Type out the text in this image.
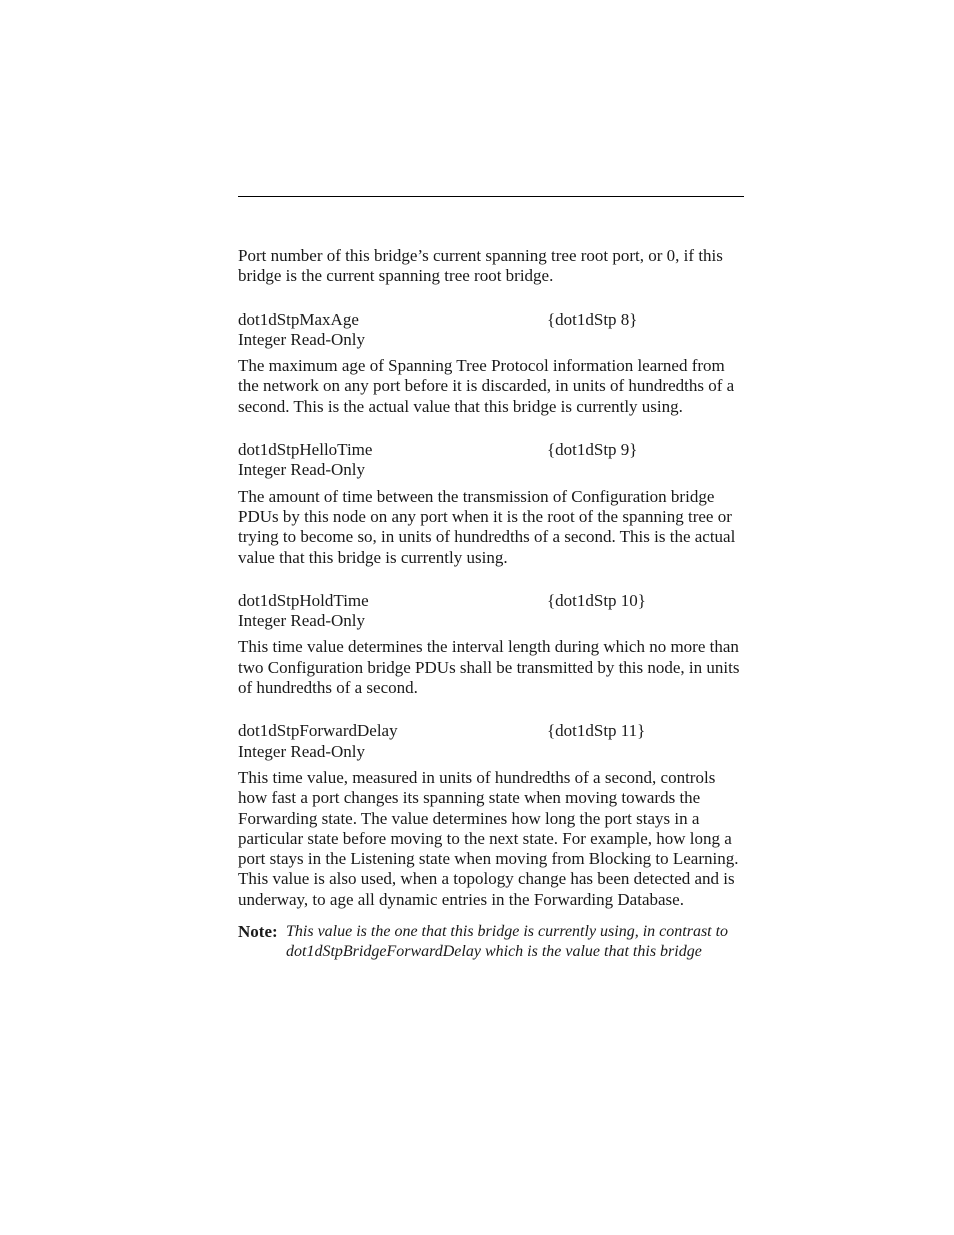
Port number of this bridge’s current spanning tree root port, or 0, if this bridge is the current spanning tree root bridge.

dot1dStpMaxAge	{dot1dStp 8}
Integer Read-Only

The maximum age of Spanning Tree Protocol information learned from the network on any port before it is discarded, in units of hundredths of a second. This is the actual value that this bridge is currently using.

dot1dStpHelloTime	{dot1dStp 9}
Integer Read-Only

The amount of time between the transmission of Configuration bridge PDUs by this node on any port when it is the root of the spanning tree or trying to become so, in units of hundredths of a second. This is the actual value that this bridge is currently using.

dot1dStpHoldTime	{dot1dStp 10}
Integer Read-Only

This time value determines the interval length during which no more than two Configuration bridge PDUs shall be transmitted by this node, in units of hundredths of a second.

dot1dStpForwardDelay	{dot1dStp 11}
Integer Read-Only

This time value, measured in units of hundredths of a second, controls how fast a port changes its spanning state when moving towards the Forwarding state. The value determines how long the port stays in a particular state before moving to the next state. For example, how long a port stays in the Listening state when moving from Blocking to Learning. This value is also used, when a topology change has been detected and is underway, to age all dynamic entries in the Forwarding Database.

Note: This value is the one that this bridge is currently using, in contrast to dot1dStpBridgeForwardDelay which is the value that this bridge
